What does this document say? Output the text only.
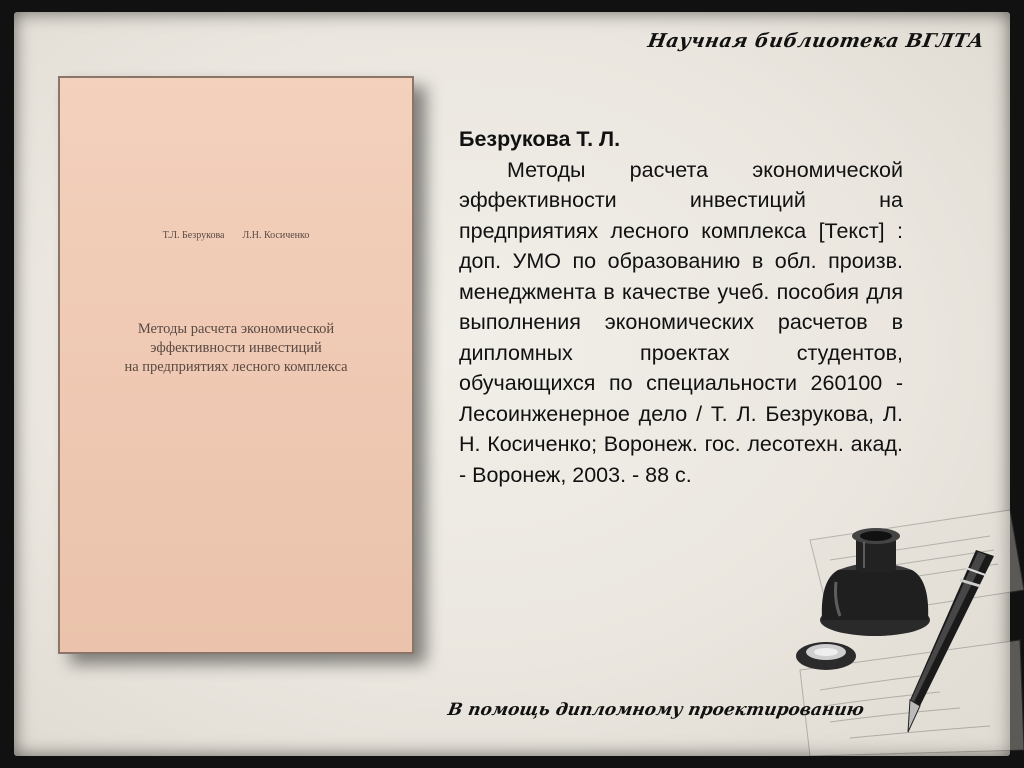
Научная библиотека ВГЛТА
Т.Л. Безрукова Л.Н. Косиченко
Методы расчета экономической
эффективности инвестиций
на предприятиях лесного комплекса
Безрукова Т. Л.
Методы расчета экономической эффективности инвестиций на предприятиях лесного комплекса [Текст] : доп. УМО по образованию в обл. произв. менеджмента в качестве учеб. пособия для выполнения экономических расчетов в дипломных проектах студентов, обучающихся по специальности 260100 - Лесоинженерное дело / Т. Л. Безрукова, Л. Н. Косиченко; Воронеж. гос. лесотехн. акад. - Воронеж, 2003. - 88 с.
В помощь дипломному проектированию
